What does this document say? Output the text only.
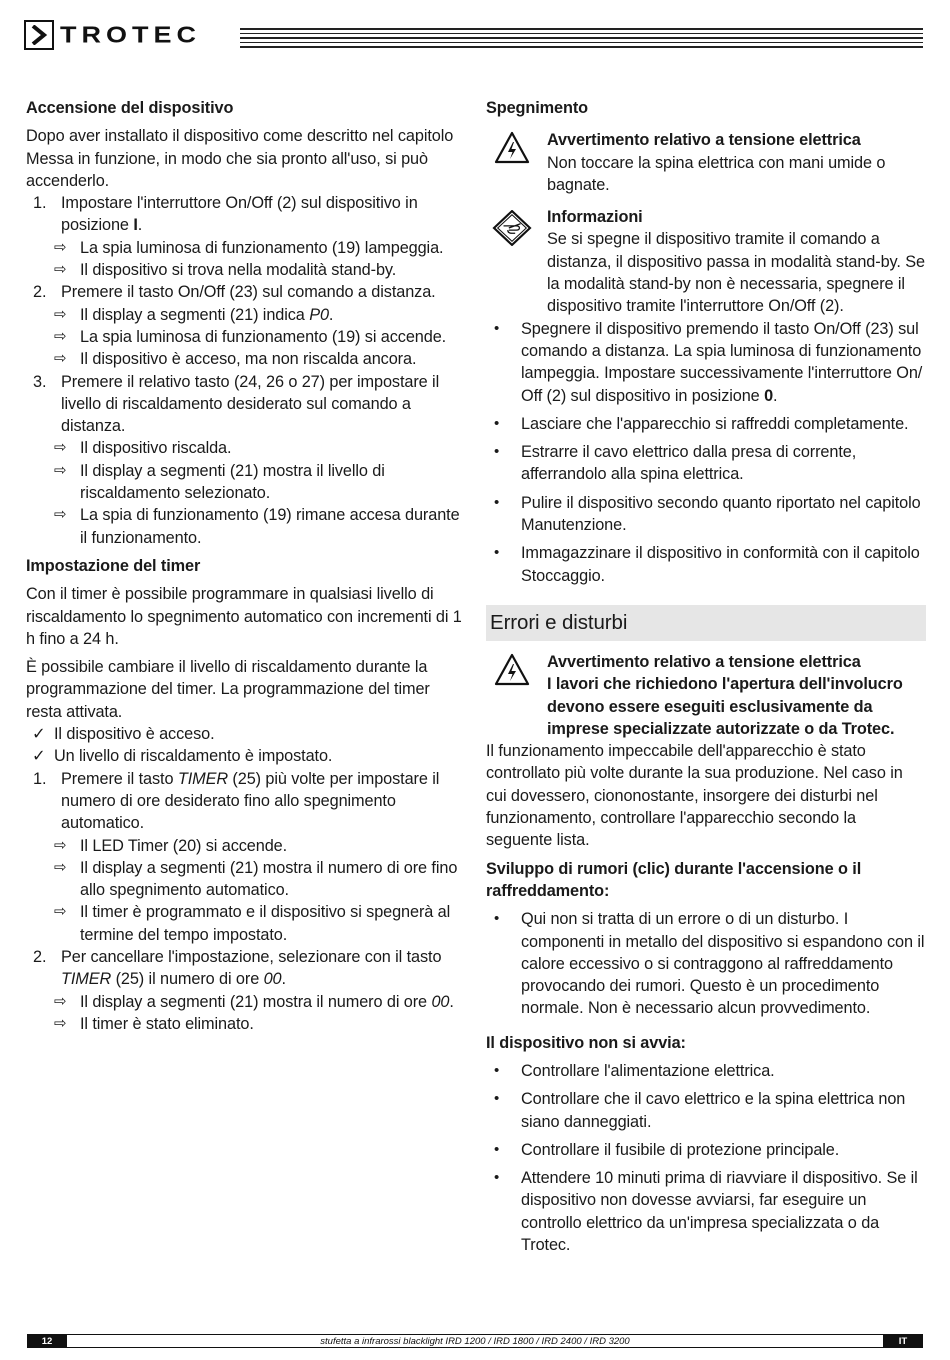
TROTEC

Accensione del dispositivo

Dopo aver installato il dispositivo come descritto nel capitolo Messa in funzione, in modo che sia pronto all'uso, si può accenderlo.

1. Impostare l'interruttore On/Off (2) sul dispositivo in posizione I.
⇨ La spia luminosa di funzionamento (19) lampeggia.
⇨ Il dispositivo si trova nella modalità stand-by.
2. Premere il tasto On/Off (23) sul comando a distanza.
⇨ Il display a segmenti (21) indica P0.
⇨ La spia luminosa di funzionamento (19) si accende.
⇨ Il dispositivo è acceso, ma non riscalda ancora.
3. Premere il relativo tasto (24, 26 o 27) per impostare il livello di riscaldamento desiderato sul comando a distanza.
⇨ Il dispositivo riscalda.
⇨ Il display a segmenti (21) mostra il livello di riscaldamento selezionato.
⇨ La spia di funzionamento (19) rimane accesa durante il funzionamento.

Impostazione del timer

Con il timer è possibile programmare in qualsiasi livello di riscaldamento lo spegnimento automatico con incrementi di 1 h fino a 24 h.

È possibile cambiare il livello di riscaldamento durante la programmazione del timer. La programmazione del timer resta attivata.

✓ Il dispositivo è acceso.
✓ Un livello di riscaldamento è impostato.
1. Premere il tasto TIMER (25) più volte per impostare il numero di ore desiderato fino allo spegnimento automatico.
⇨ Il LED Timer (20) si accende.
⇨ Il display a segmenti (21) mostra il numero di ore fino allo spegnimento automatico.
⇨ Il timer è programmato e il dispositivo si spegnerà al termine del tempo impostato.
2. Per cancellare l'impostazione, selezionare con il tasto TIMER (25) il numero di ore 00.
⇨ Il display a segmenti (21) mostra il numero di ore 00.
⇨ Il timer è stato eliminato.

Spegnimento

Avvertimento relativo a tensione elettrica

Non toccare la spina elettrica con mani umide o bagnate.

Informazioni

Se si spegne il dispositivo tramite il comando a distanza, il dispositivo passa in modalità stand-by. Se la modalità stand-by non è necessaria, spegnere il dispositivo tramite l'interruttore On/Off (2).

• Spegnere il dispositivo premendo il tasto On/Off (23) sul comando a distanza. La spia luminosa di funzionamento lampeggia. Impostare successivamente l'interruttore On/ Off (2) sul dispositivo in posizione 0.
• Lasciare che l'apparecchio si raffreddi completamente.
• Estrarre il cavo elettrico dalla presa di corrente, afferrandolo alla spina elettrica.
• Pulire il dispositivo secondo quanto riportato nel capitolo Manutenzione.
• Immagazzinare il dispositivo in conformità con il capitolo Stoccaggio.

Errori e disturbi

Avvertimento relativo a tensione elettrica

I lavori che richiedono l'apertura dell'involucro devono essere eseguiti esclusivamente da imprese specializzate autorizzate o da Trotec.

Il funzionamento impeccabile dell'apparecchio è stato controllato più volte durante la sua produzione. Nel caso in cui dovessero, ciononostante, insorgere dei disturbi nel funzionamento, controllare l'apparecchio secondo la seguente lista.

Sviluppo di rumori (clic) durante l'accensione o il raffreddamento:

• Qui non si tratta di un errore o di un disturbo. I componenti in metallo del dispositivo si espandono con il calore eccessivo o si contraggono al raffreddamento provocando dei rumori. Questo è un procedimento normale. Non è necessario alcun provvedimento.

Il dispositivo non si avvia:

• Controllare l'alimentazione elettrica.
• Controllare che il cavo elettrico e la spina elettrica non siano danneggiati.
• Controllare il fusibile di protezione principale.
• Attendere 10 minuti prima di riavviare il dispositivo. Se il dispositivo non dovesse avviarsi, far eseguire un controllo elettrico da un'impresa specializzata o da Trotec.
12	stufetta a infrarossi blacklight IRD 1200 / IRD 1800 / IRD 2400 / IRD 3200	IT
